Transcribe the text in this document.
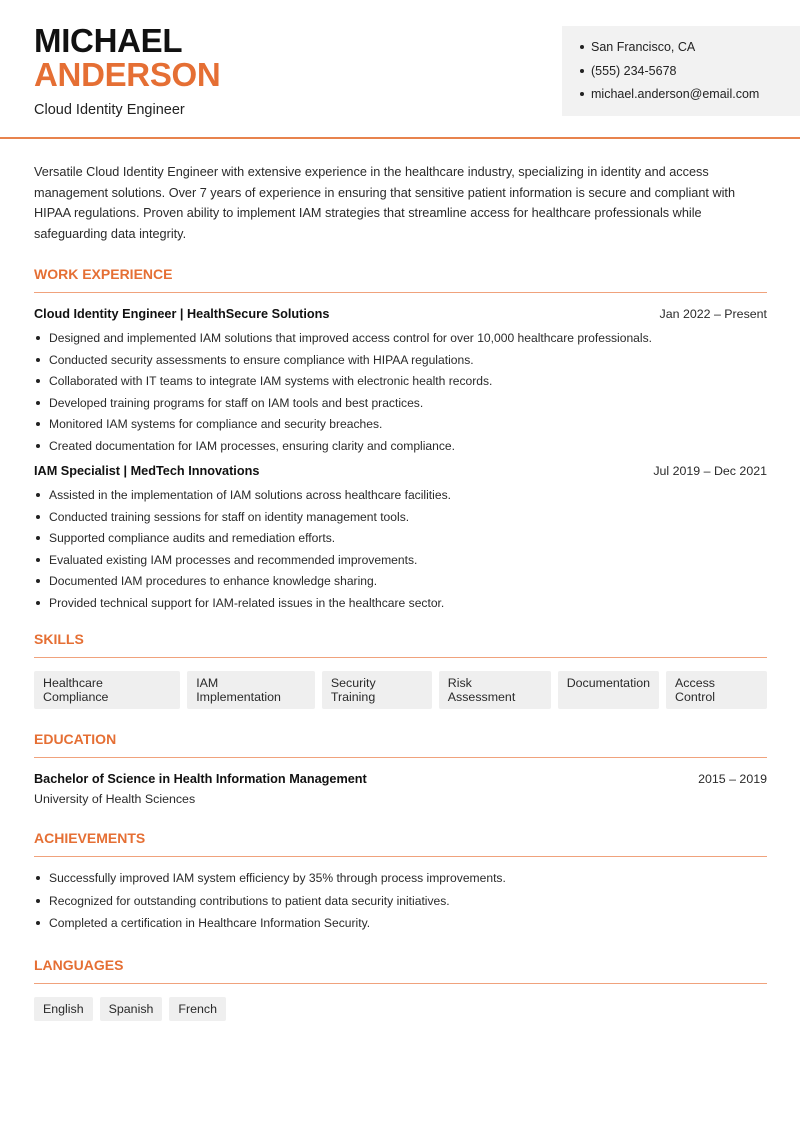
MICHAEL
ANDERSON
Cloud Identity Engineer
San Francisco, CA
(555) 234-5678
michael.anderson@email.com

Versatile Cloud Identity Engineer with extensive experience in the healthcare industry, specializing in identity and access management solutions. Over 7 years of experience in ensuring that sensitive patient information is secure and compliant with HIPAA regulations. Proven ability to implement IAM strategies that streamline access for healthcare professionals while safeguarding data integrity.

WORK EXPERIENCE
Cloud Identity Engineer | HealthSecure Solutions	Jan 2022 – Present
Designed and implemented IAM solutions that improved access control for over 10,000 healthcare professionals.
Conducted security assessments to ensure compliance with HIPAA regulations.
Collaborated with IT teams to integrate IAM systems with electronic health records.
Developed training programs for staff on IAM tools and best practices.
Monitored IAM systems for compliance and security breaches.
Created documentation for IAM processes, ensuring clarity and compliance.
IAM Specialist | MedTech Innovations	Jul 2019 – Dec 2021
Assisted in the implementation of IAM solutions across healthcare facilities.
Conducted training sessions for staff on identity management tools.
Supported compliance audits and remediation efforts.
Evaluated existing IAM processes and recommended improvements.
Documented IAM procedures to enhance knowledge sharing.
Provided technical support for IAM-related issues in the healthcare sector.
SKILLS
Healthcare Compliance
IAM Implementation
Security Training
Risk Assessment
Documentation	Access Control
EDUCATION
Bachelor of Science in Health Information Management	2015 – 2019
University of Health Sciences
ACHIEVEMENTS
Successfully improved IAM system efficiency by 35% through process improvements.
Recognized for outstanding contributions to patient data security initiatives.
Completed a certification in Healthcare Information Security.
LANGUAGES
English	Spanish	French
